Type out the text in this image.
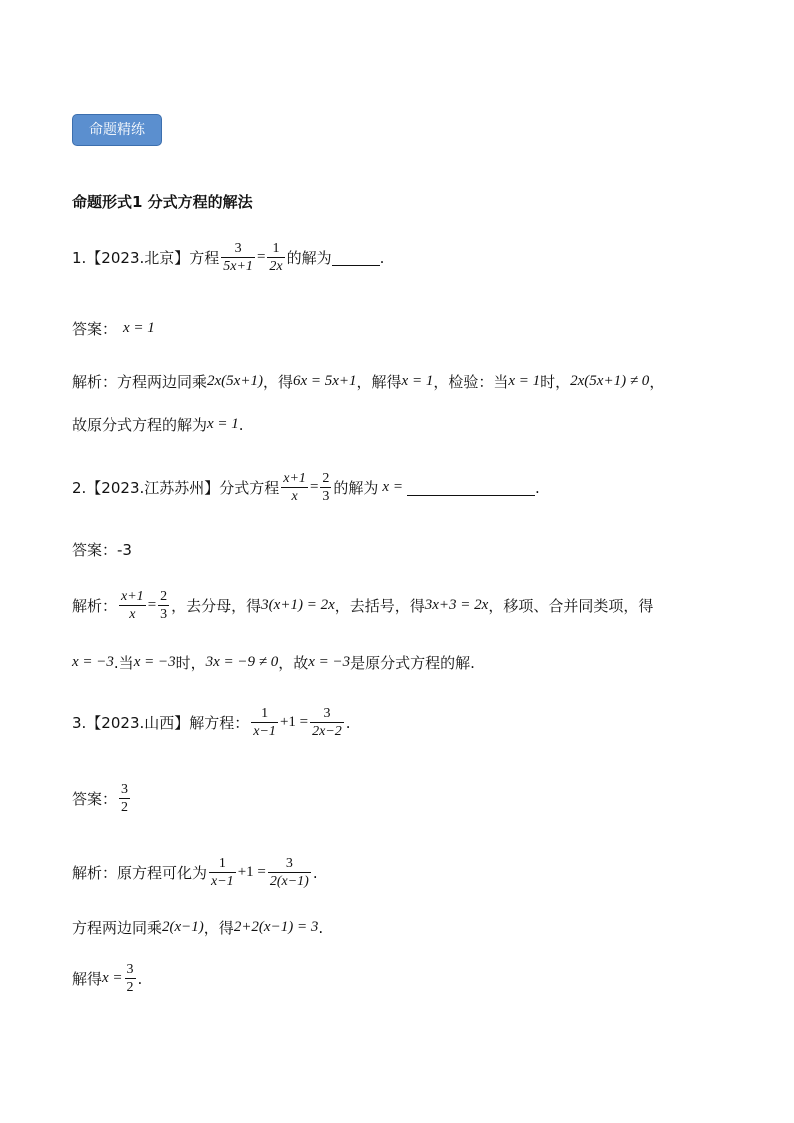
命题精练
命题形式1 分式方程的解法
1.【2023.北京】方程 $\frac{3}{5x+1} = \frac{1}{2x}$ 的解为	.
答案： x = 1
解析：方程两边同乘 2x(5x+1) ，得 6x = 5x+1 ，解得 x = 1 ，检验：当 x = 1 时， 2x(5x+1) ≠ 0 ，
故原分式方程的解为 x = 1 .
2.【2023.江苏苏州】分式方程 $\frac{x+1}{x} = \frac{2}{3}$ 的解为 x =	.
答案： -3
解析： $\frac{x+1}{x} = \frac{2}{3}$ ，去分母，得 3(x+1) = 2x ，去括号，得 3x+3 = 2x ，移项、合并同类项，得
x = −3 .当 x = −3 时， 3x = −9 ≠ 0 ，故 x = −3 是原分式方程的解.
3.【2023.山西】解方程： $\frac{1}{x-1} +1 = \frac{3}{2x-2}$ .
答案： $\frac{3}{2}$
解析：原方程可化为 $\frac{1}{x-1} +1 = \frac{3}{2(x-1)}$ .
方程两边同乘 2(x−1) ，得 2+2(x−1) = 3 .
解得 $x = \frac{3}{2}$ .
